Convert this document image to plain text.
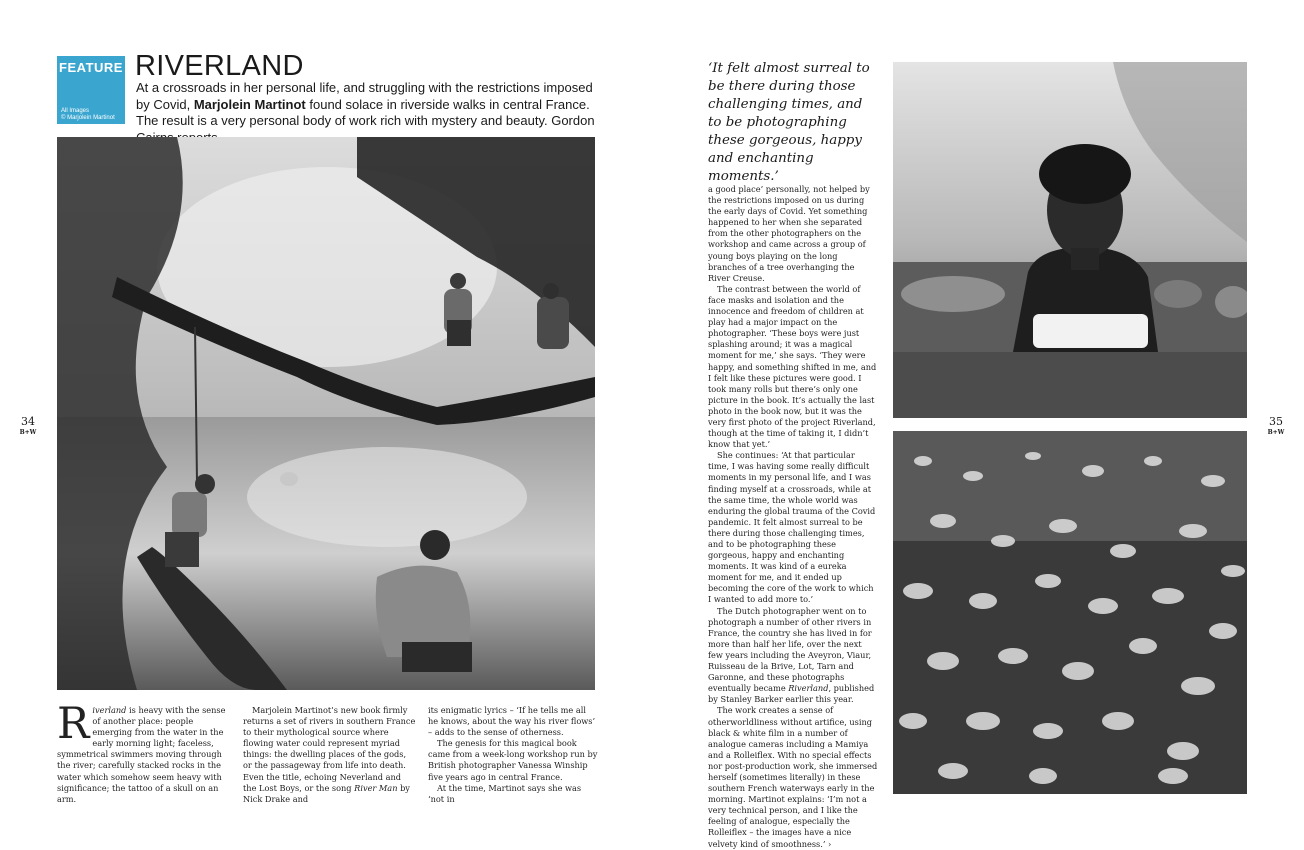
FEATURE
All Images
© Marjolein Martinot
RIVERLAND
At a crossroads in her personal life, and struggling with the restrictions imposed by Covid, Marjolein Martinot found solace in riverside walks in central France. The result is a very personal body of work rich with mystery and beauty. Gordon
34
B+W
35
B+W

Riverland is heavy with the sense of another place: people emerging from the water in the early morning light; faceless, symmetrical swimmers moving through the river; carefully stacked rocks in the water which somehow seem heavy with significance; the tattoo of a skull on an arm.

Marjolein Martinot’s new book firmly returns a set of rivers in southern France to their mythological source where flowing water could represent myriad things: the dwelling places of the gods, or the passageway from life into death. Even the title, echoing Neverland and the Lost Boys, or the song River Man by Nick Drake and

its enigmatic lyrics – ‘If he tells me all he knows, about the way his river flows’ – adds to the sense of otherness.

The genesis for this magical book came from a week-long workshop run by British photographer Vanessa Winship five years ago in central France.

At the time, Martinot says she was ‘not in

‘It felt almost surreal to be there during those challenging times, and to be photographing these gorgeous, happy and enchanting moments.’

a good place’ personally, not helped by the restrictions imposed on us during the early days of Covid. Yet something happened to her when she separated from the other photographers on the workshop and came across a group of young boys playing on the long branches of a tree overhanging the River Creuse.

The contrast between the world of face masks and isolation and the innocence and freedom of children at play had a major impact on the photographer. ‘These boys were just splashing around; it was a magical moment for me,’ she says. ‘They were happy, and something shifted in me, and I felt like these pictures were good. I took many rolls but there’s only one picture in the book. It’s actually the last photo in the book now, but it was the very first photo of the project Riverland, though at the time of taking it, I didn’t know that yet.’

She continues: ‘At that particular time, I was having some really difficult moments in my personal life, and I was finding myself at a crossroads, while at the same time, the whole world was enduring the global trauma of the Covid pandemic. It felt almost surreal to be there during those challenging times, and to be photographing these gorgeous, happy and enchanting moments. It was kind of a eureka moment for me, and it ended up becoming the core of the work to which I wanted to add more to.’

The Dutch photographer went on to photograph a number of other rivers in France, the country she has lived in for more than half her life, over the next few years including the Aveyron, Viaur, Ruisseau de la Brive, Lot, Tarn and Garonne, and these photographs eventually became Riverland, published by Stanley Barker earlier this year.

The work creates a sense of otherworldliness without artifice, using black & white film in a number of analogue cameras including a Mamiya and a Rolleiflex. With no special effects nor post-production work, she immersed herself (sometimes literally) in these southern French waterways early in the morning. Martinot explains: ‘I’m not a very technical person, and I like the feeling of analogue, especially the Rolleiflex – the images have a nice velvety kind of smoothness.’ ›
